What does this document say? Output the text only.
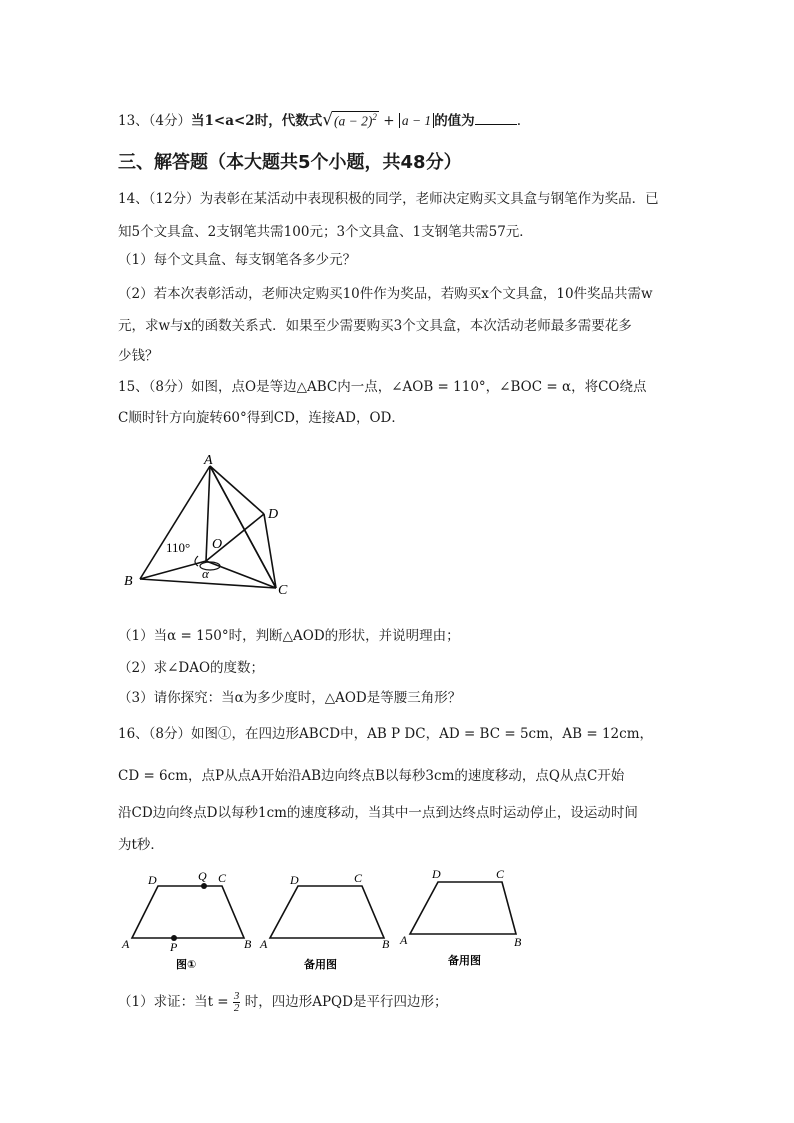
13、（4分）当1<a<2时，代数式$√(a - 2)^2 + a - 1$ 的值为	.
三、解答题（本大题共5个小题，共48分）
14、（12分）为表彰在某活动中表现积极的同学，老师决定购买文具盒与钢笔作为奖品．已
知5个文具盒、2支钢笔共需100元；3个文具盒、1支钢笔共需57元．
（1）每个文具盒、每支钢笔各多少元？
（2）若本次表彰活动，老师决定购买10件作为奖品，若购买x个文具盒，10件奖品共需w
元，求w与x的函数关系式．如果至少需要购买3个文具盒，本次活动老师最多需要花多
少钱？
15、（8分）如图，点O是等边△ABC内一点，∠AOB = 110°，∠BOC = α，将CO绕点
C顺时针方向旋转60°得到CD，连接AD，OD．
A
B
C
D
O
110°
α
（1）当α = 150°时，判断△AOD的形状，并说明理由；
（2）求∠DAO的度数；
（3）请你探究：当α为多少度时，△AOD是等腰三角形？
16、（8分）如图①，在四边形ABCD中，AB P DC，AD = BC = 5cm，AB = 12cm，
CD = 6cm，点P从点A开始沿AB边向终点B以每秒3cm的速度移动，点Q从点C开始
沿CD边向终点D以每秒1cm的速度移动，当其中一点到达终点时运动停止，设运动时间
为t秒．
A	B
C
D	Q
P
图①
A	B
C
D
备用图
A	B
C
D
备用图
（1）求证：当$t = \frac{3}{2}$ 时，四边形APQD是平行四边形；
